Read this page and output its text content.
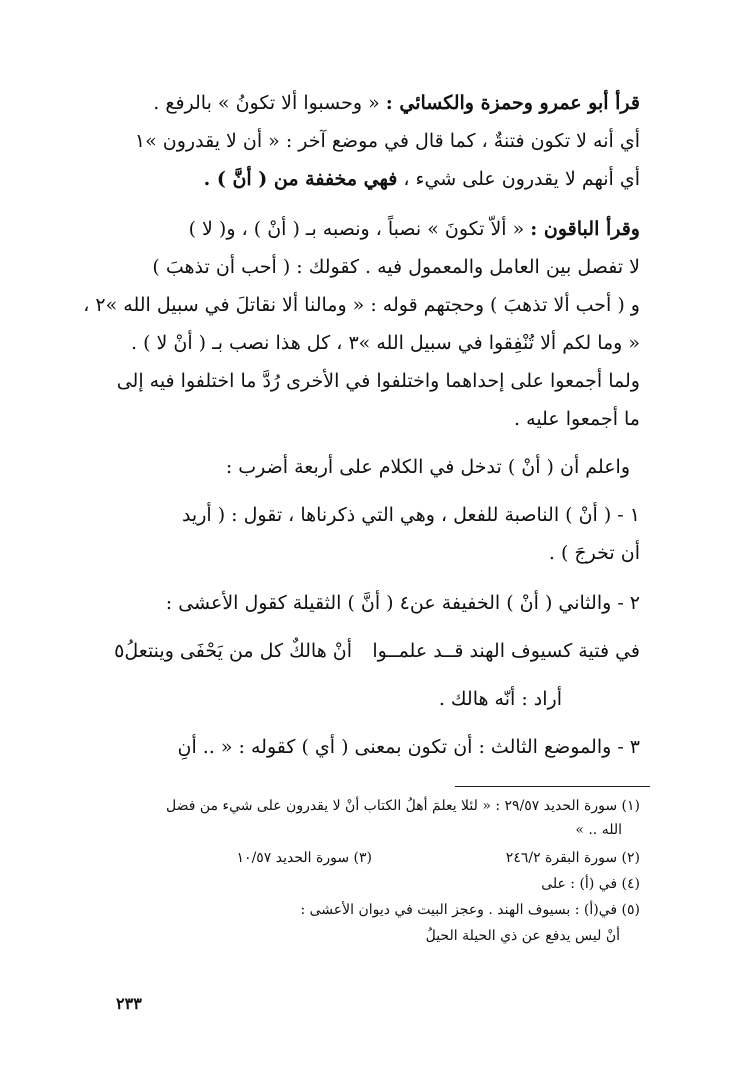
قرأ أبو عمرو وحمزة والكسائي : « وحسبوا ألا تكونُ » بالرفع .
أي أنه لا تكون فتنةٌ ، كما قال في موضع آخر : « أن لا يقدرون »١
أي أنهم لا يقدرون على شيء ، فهي مخففة من ( أنَّ ) .
وقرأ الباقون : « ألاّ تكونَ » نصباً ، ونصبه بـ ( أنْ ) ، و( لا )
لا تفصل بين العامل والمعمول فيه . كقولك : ( أحب أن تذهبَ )
و ( أحب ألا تذهبَ ) وحجتهم قوله : « ومالنا ألا نقاتلَ في سبيل الله »٢ ،
« وما لكم ألا تُنْفِقوا في سبيل الله »٣ ، كل هذا نصب بـ ( أنْ لا ) .
ولما أجمعوا على إحداهما واختلفوا في الأخرى رُدَّ ما اختلفوا فيه إلى
ما أجمعوا عليه .
واعلم أن ( أنْ ) تدخل في الكلام على أربعة أضرب :
١ - ( أنْ ) الناصبة للفعل ، وهي التي ذكرناها ، تقول : ( أريد
أن تخرجَ ) .
٢ - والثاني ( أنْ ) الخفيفة عن٤ ( أنَّ ) الثقيلة كقول الأعشى :
في فتية كسيوف الهند قــد علمــوا
أنْ هالكٌ كل من يَحْفَى وينتعلُ٥
أراد : أنّه هالك .
٣ - والموضع الثالث : أن تكون بمعنى ( أي ) كقوله : « .. أنِ
(١) سورة الحديد ٢٩/٥٧ : « لئلا يعلمَ أهلُ الكتاب أنْ لا يقدرون على شيء من فضل
الله .. »
(٢) سورة البقرة ٢٤٦/٢
(٣) سورة الحديد ١٠/٥٧
(٤) في (أ) : على
(٥) في(أ) : بسيوف الهند . وعجز البيت في ديوان الأعشى :
أنْ ليس يدفع عن ذي الحيلة الحيلُ
٢٣٣
